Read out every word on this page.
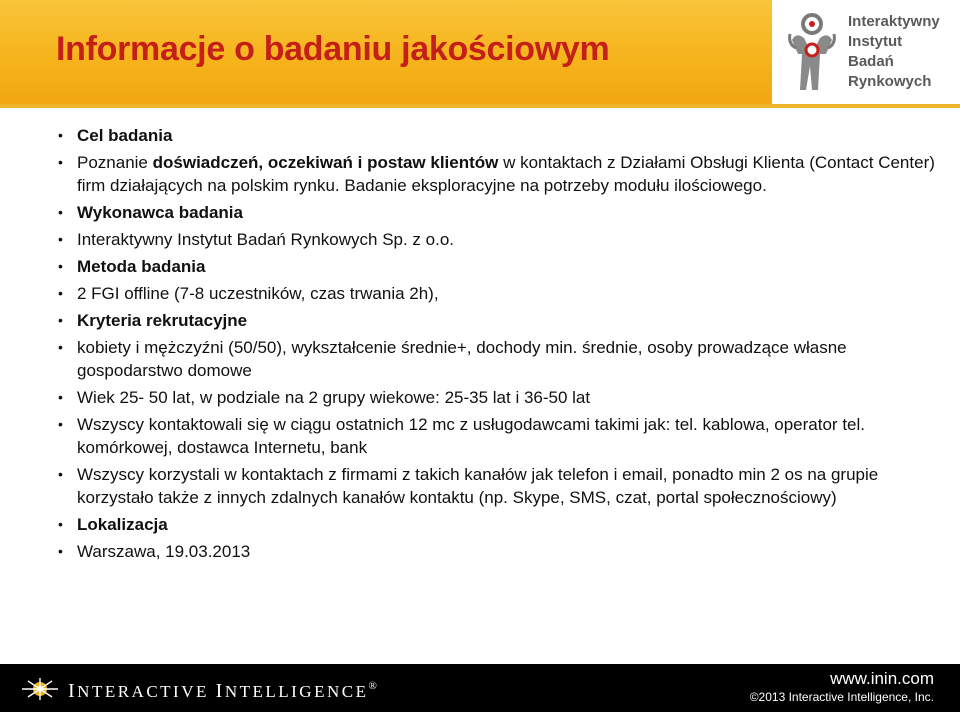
Informacje o badaniu jakościowym
Interaktywny
Instytut
Badań
Rynkowych
• Cel badania
• Poznanie doświadczeń, oczekiwań i postaw klientów w kontaktach z Działami Obsługi Klienta (Contact Center) firm działających na polskim rynku. Badanie eksploracyjne na potrzeby modułu ilościowego.
• Wykonawca badania
• Interaktywny Instytut Badań Rynkowych Sp. z o.o.
• Metoda badania
• 2 FGI offline (7-8 uczestników, czas trwania 2h),
• Kryteria rekrutacyjne
• kobiety i mężczyźni (50/50), wykształcenie średnie+, dochody min. średnie, osoby prowadzące własne gospodarstwo domowe
• Wiek 25- 50 lat, w podziale na 2 grupy wiekowe: 25-35 lat i 36-50 lat
• Wszyscy kontaktowali się w ciągu ostatnich 12 mc z usługodawcami takimi jak: tel. kablowa, operator tel. komórkowej, dostawca Internetu, bank
• Wszyscy korzystali w kontaktach z firmami z takich kanałów jak telefon i email, ponadto min 2 os na grupie korzystało także z innych zdalnych kanałów kontaktu (np. Skype, SMS, czat, portal społecznościowy)
• Lokalizacja
• Warszawa, 19.03.2013
INTERACTIVE INTELLIGENCE®	www.inin.com
©2013 Interactive Intelligence, Inc.
